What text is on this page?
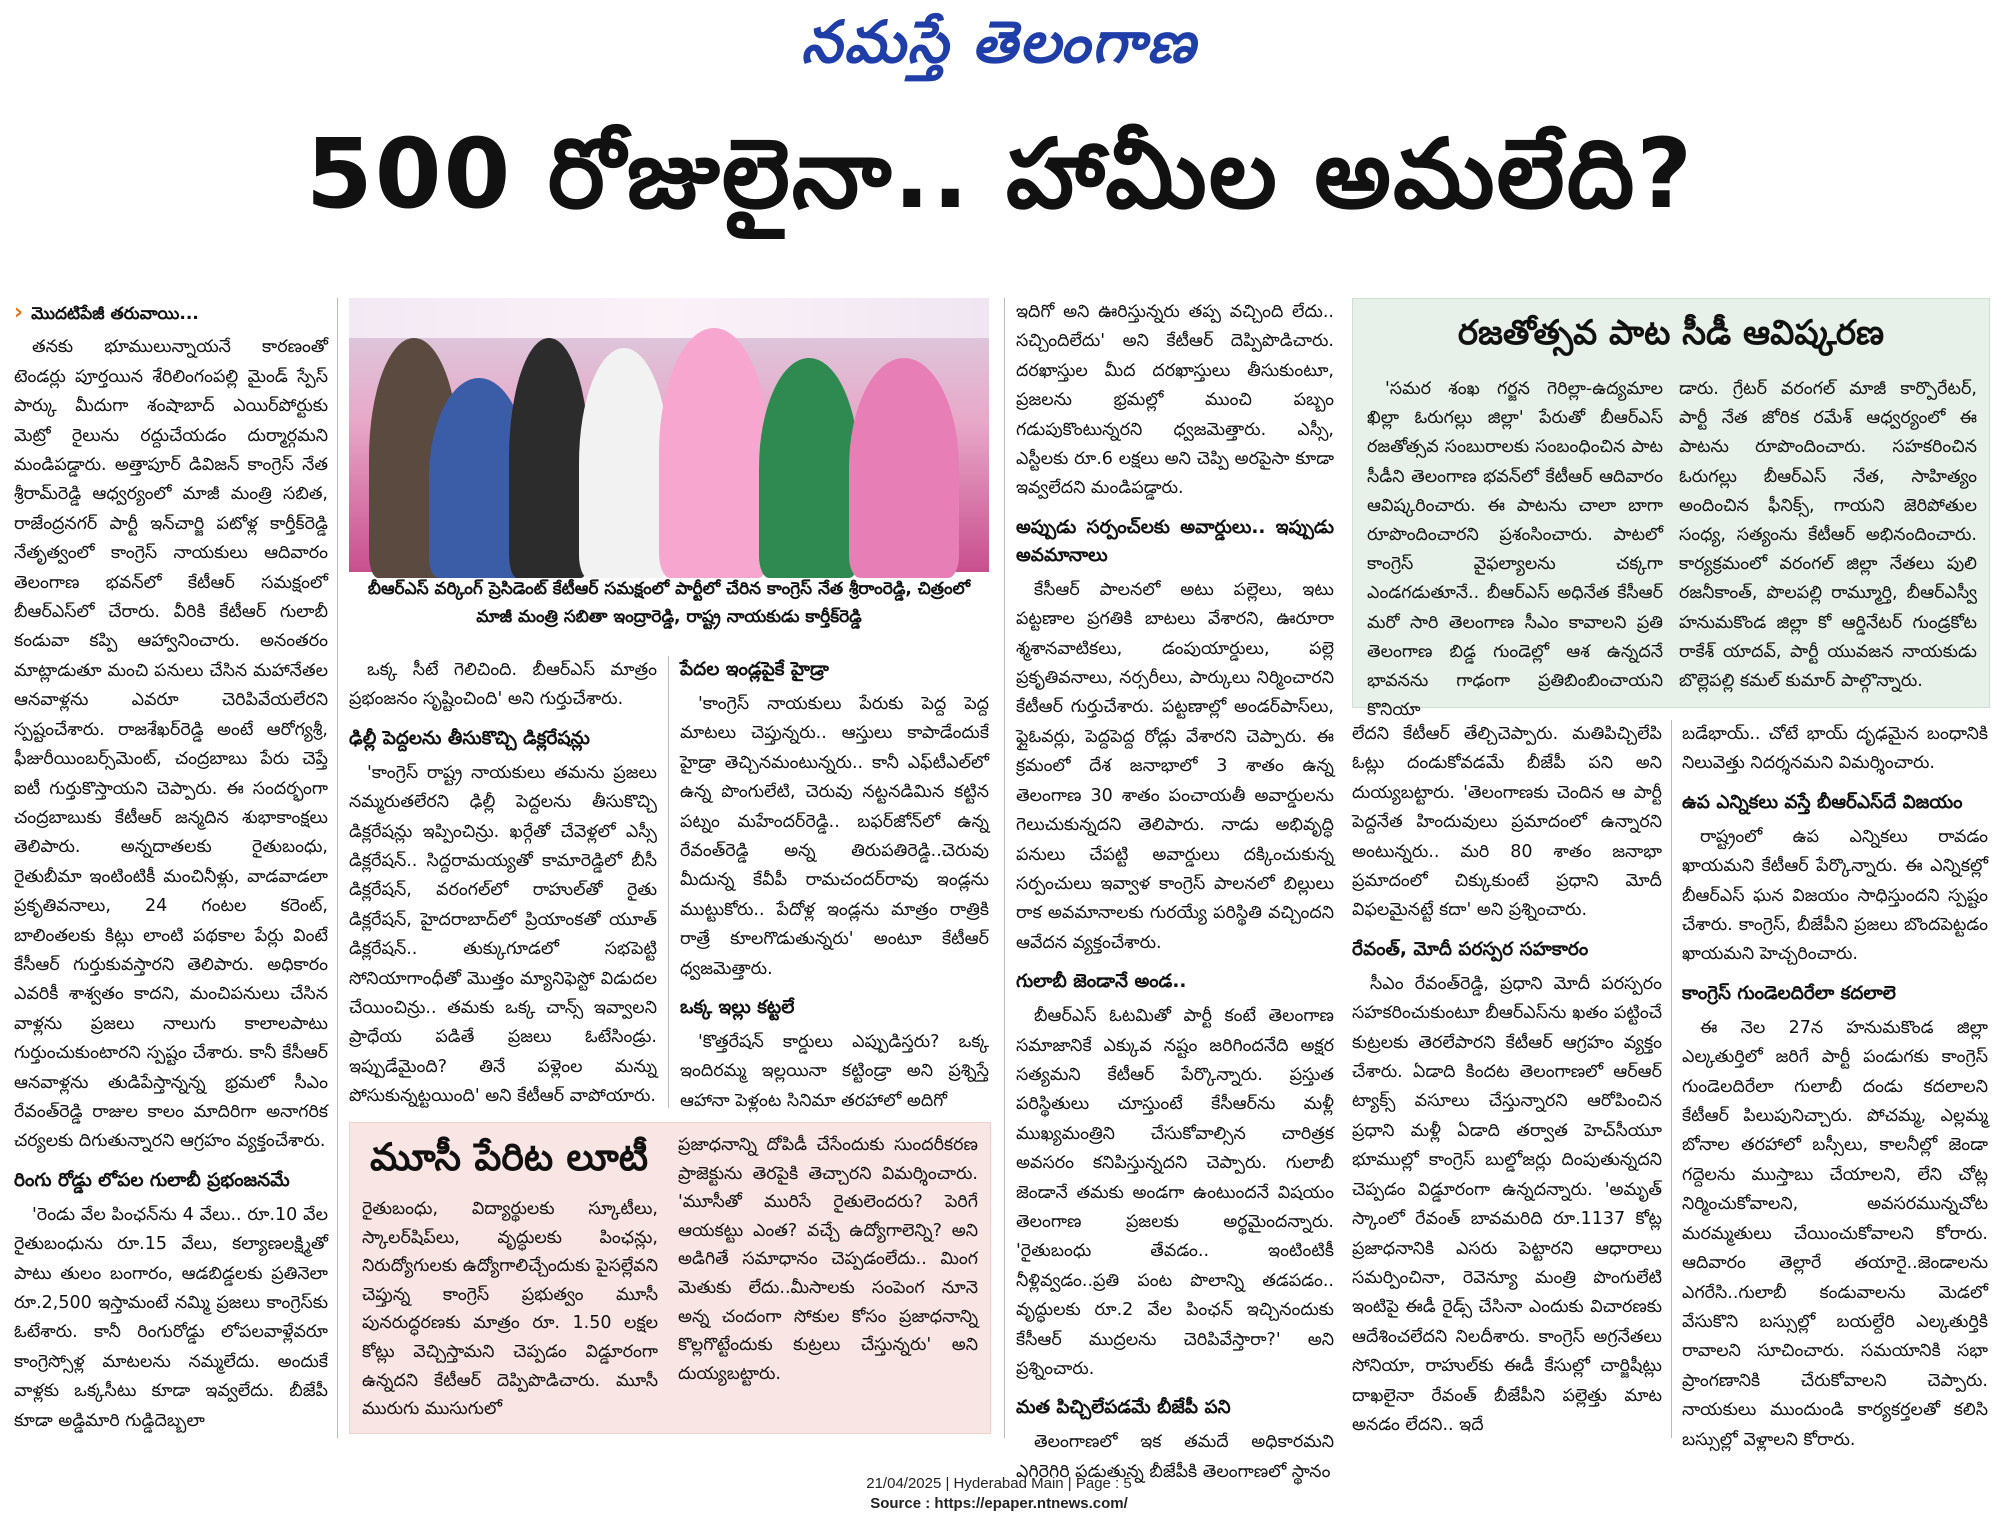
నమస్తే తెలంగాణ
500 రోజులైనా.. హామీల అమలేది?
› మొదటిపేజీ తరువాయి...

తనకు భూములున్నాయనే కారణంతో టెండర్లు పూర్తయిన శేరిలింగంపల్లి మైండ్ స్పేస్ పార్కు మీదుగా శంషాబాద్ ఎయిర్‌పోర్టుకు మెట్రో రైలును రద్దుచేయడం దుర్మార్గమని మండిపడ్డారు. అత్తాపూర్ డివిజన్ కాంగ్రెస్ నేత శ్రీరామ్‌రెడ్డి ఆధ్వర్యంలో మాజీ మంత్రి సబిత, రాజేంద్రనగర్ పార్టీ ఇన్‌చార్జి పటోళ్ల కార్తీక్‌రెడ్డి నేతృత్వంలో కాంగ్రెస్ నాయకులు ఆదివారం తెలంగాణ భవన్‌లో కేటీఆర్ సమక్షంలో బీఆర్‌ఎస్‌లో చేరారు. వీరికి కేటీఆర్ గులాబీ కండువా కప్పి ఆహ్వానించారు. అనంతరం మాట్లాడుతూ మంచి పనులు చేసిన మహానేతల ఆనవాళ్లను ఎవరూ చెరిపివేయలేరని స్పష్టంచేశారు. రాజశేఖర్‌రెడ్డి అంటే ఆరోగ్యశ్రీ, ఫీజురీయింబర్స్‌మెంట్, చంద్రబాబు పేరు చెప్తే ఐటీ గుర్తుకొస్తాయని చెప్పారు. ఈ సందర్భంగా చంద్రబాబుకు కేటీఆర్ జన్మదిన శుభాకాంక్షలు తెలిపారు. అన్నదాతలకు రైతుబంధు, రైతుబీమా ఇంటింటికీ మంచినీళ్లు, వాడవాడలా ప్రకృతివనాలు, 24 గంటల కరెంట్, బాలింతలకు కిట్లు లాంటి పథకాల పేర్లు వింటే కేసీఆర్ గుర్తుకువస్తారని తెలిపారు. అధికారం ఎవరికీ శాశ్వతం కాదని, మంచిపనులు చేసిన వాళ్లను ప్రజలు నాలుగు కాలాలపాటు గుర్తుంచుకుంటారని స్పష్టం చేశారు. కానీ కేసీఆర్ ఆనవాళ్లను తుడిపేస్తాన్నన్న భ్రమలో సీఎం రేవంత్‌రెడ్డి రాజుల కాలం మాదిరిగా అనాగరిక చర్యలకు దిగుతున్నారని ఆగ్రహం వ్యక్తంచేశారు.

రింగు రోడ్డు లోపల గులాబీ ప్రభంజనమే

'రెండు వేల పింఛన్‌ను 4 వేలు.. రూ.10 వేల రైతుబంధును రూ.15 వేలు, కల్యాణలక్ష్మితో పాటు తులం బంగారం, ఆడబిడ్డలకు ప్రతినెలా రూ.2,500 ఇస్తామంటే నమ్మి ప్రజలు కాంగ్రెస్‌కు ఓటేశారు. కానీ రింగురోడ్డు లోపలవాళ్లేవరూ కాంగ్రెస్సోళ్ల మాటలను నమ్మలేదు. అందుకే వాళ్లకు ఒక్కసీటు కూడా ఇవ్వలేదు. బీజేపీ కూడా అడ్డిమారి గుడ్డిదెబ్బలా

బీఆర్‌ఎస్ వర్కింగ్ ప్రెసిడెంట్ కేటీఆర్ సమక్షంలో పార్టీలో చేరిన కాంగ్రెస్ నేత శ్రీరాంరెడ్డి, చిత్రంలో మాజీ మంత్రి సబితా ఇంద్రారెడ్డి, రాష్ట్ర నాయకుడు కార్తీక్‌రెడ్డి

ఒక్క సీటే గెలిచింది. బీఆర్‌ఎస్ మాత్రం ప్రభంజనం సృష్టించింది' అని గుర్తుచేశారు.

ఢిల్లీ పెద్దలను తీసుకొచ్చి డిక్లరేషన్లు

'కాంగ్రెస్ రాష్ట్ర నాయకులు తమను ప్రజలు నమ్మరుతలేరని ఢిల్లీ పెద్దలను తీసుకొచ్చి డిక్లరేషన్లు ఇప్పించిన్రు. ఖర్గేతో చేవెళ్లలో ఎస్సీ డిక్లరేషన్.. సిద్దరామయ్యతో కామారెడ్డిలో బీసీ డిక్లరేషన్, వరంగల్‌లో రాహుల్‌తో రైతు డిక్లరేషన్, హైదరాబాద్‌లో ప్రియాంకతో యూత్ డిక్లరేషన్.. తుక్కుగూడలో సభపెట్టి సోనియాగాంధీతో మొత్తం మ్యానిఫెస్టో విడుదల చేయించిన్రు.. తమకు ఒక్క చాన్స్ ఇవ్వాలని ప్రాధేయ పడితే ప్రజలు ఓటేసిండ్రు. ఇప్పుడేమైంది? తినే పళ్లెంల మన్ను పోసుకున్నట్టయింది' అని కేటీఆర్ వాపోయారు.

పేదల ఇండ్లపైకే హైడ్రా

'కాంగ్రెస్ నాయకులు పేరుకు పెద్ద పెద్ద మాటలు చెప్తున్నరు.. ఆస్తులు కాపాడేందుకే హైడ్రా తెచ్చినమంటున్నరు.. కానీ ఎఫ్‌టీఎల్‌లో ఉన్న పొంగులేటి, చెరువు నట్టనడిమిన కట్టిన పట్నం మహేందర్‌రెడ్డి.. బఫర్‌జోన్‌లో ఉన్న రేవంత్‌రెడ్డి అన్న తిరుపతిరెడ్డి..చెరువు మీదున్న కేవీపీ రామచందర్‌రావు ఇండ్లను ముట్టుకోరు.. పేదోళ్ల ఇండ్లను మాత్రం రాత్రికి రాత్రే కూలగొడుతున్నరు' అంటూ కేటీఆర్ ధ్వజమెత్తారు.

ఒక్క ఇల్లు కట్టలే

'కొత్తరేషన్ కార్డులు ఎప్పుడిస్తరు? ఒక్క ఇందిరమ్మ ఇల్లయినా కట్టిండ్రా అని ప్రశ్నిస్తే ఆహానా పెళ్లంట సినిమా తరహాలో అదిగో

మూసీ పేరిట లూటీ

రైతుబంధు, విద్యార్థులకు స్కూటీలు, స్కాలర్‌షిప్‌లు, వృద్ధులకు పింఛన్లు, నిరుద్యోగులకు ఉద్యోగాలిచ్చేందుకు పైసల్లేవని చెప్తున్న కాంగ్రెస్ ప్రభుత్వం మూసీ పునరుద్ధరణకు మాత్రం రూ. 1.50 లక్షల కోట్లు వెచ్చిస్తామని చెప్పడం విడ్డూరంగా ఉన్నదని కేటీఆర్ దెప్పిపొడిచారు. మూసీ మురుగు ముసుగులో

ప్రజాధనాన్ని దోపిడీ చేసేందుకు సుందరీకరణ ప్రాజెక్టును తెరపైకి తెచ్చారని విమర్శించారు. 'మూసీతో మురిసే రైతులెందరు? పెరిగే ఆయకట్టు ఎంత? వచ్చే ఉద్యోగాలెన్ని? అని అడిగితే సమాధానం చెప్పడంలేదు.. మింగ మెతుకు లేదు..మీసాలకు సంపెంగ నూనె అన్న చందంగా సోకుల కోసం ప్రజాధనాన్ని కొల్లగొట్టేందుకు కుట్రలు చేస్తున్నరు' అని దుయ్యబట్టారు.

ఇదిగో అని ఊరిస్తున్నరు తప్ప వచ్చింది లేదు.. సచ్చిందిలేదు' అని కేటీఆర్ దెప్పిపొడిచారు. దరఖాస్తుల మీద దరఖాస్తులు తీసుకుంటూ, ప్రజలను భ్రమల్లో ముంచి పబ్బం గడుపుకొంటున్నరని ధ్వజమెత్తారు. ఎస్సీ, ఎస్టీలకు రూ.6 లక్షలు అని చెప్పి అరపైసా కూడా ఇవ్వలేదని మండిపడ్డారు.

అప్పుడు సర్పంచ్‌లకు అవార్డులు.. ఇప్పుడు అవమానాలు

కేసీఆర్ పాలనలో అటు పల్లెలు, ఇటు పట్టణాల ప్రగతికి బాటలు వేశారని, ఊరూరా శ్మశానవాటికలు, డంపుయార్డులు, పల్లె ప్రకృతివనాలు, నర్సరీలు, పార్కులు నిర్మించారని కేటీఆర్ గుర్తుచేశారు. పట్టణాల్లో అండర్‌పాస్‌లు, ఫ్లైఓవర్లు, పెద్దపెద్ద రోడ్లు వేశారని చెప్పారు. ఈ క్రమంలో దేశ జనాభాలో 3 శాతం ఉన్న తెలంగాణ 30 శాతం పంచాయతీ అవార్డులను గెలుచుకున్నదని తెలిపారు. నాడు అభివృద్ధి పనులు చేపట్టి అవార్డులు దక్కించుకున్న సర్పంచులు ఇవ్వాళ కాంగ్రెస్ పాలనలో బిల్లులు రాక అవమానాలకు గురయ్యే పరిస్థితి వచ్చిందని ఆవేదన వ్యక్తంచేశారు.

గులాబీ జెండానే అండ..

బీఆర్‌ఎస్ ఓటమితో పార్టీ కంటే తెలంగాణ సమాజానికే ఎక్కువ నష్టం జరిగిందనేది అక్షర సత్యమని కేటీఆర్ పేర్కొన్నారు. ప్రస్తుత పరిస్థితులు చూస్తుంటే కేసీఆర్‌ను మళ్లీ ముఖ్యమంత్రిని చేసుకోవాల్సిన చారిత్రక అవసరం కనిపిస్తున్నదని చెప్పారు. గులాబీ జెండానే తమకు అండగా ఉంటుందనే విషయం తెలంగాణ ప్రజలకు అర్థమైందన్నారు. 'రైతుబంధు తేవడం.. ఇంటింటికీ నీళ్లివ్వడం..ప్రతి పంట పొలాన్ని తడపడం.. వృద్ధులకు రూ.2 వేల పింఛన్ ఇచ్చినందుకు కేసీఆర్ ముద్రలను చెరిపివేస్తారా?' అని ప్రశ్నించారు.

మత పిచ్చిలేపడమే బీజేపీ పని

తెలంగాణలో ఇక తమదే అధికారమని ఎగిరెగిరి పడుతున్న బీజేపీకి తెలంగాణలో స్థానం

రజతోత్సవ పాట సీడీ ఆవిష్కరణ

'సమర శంఖ గర్జన గెరిల్లా-ఉద్యమాల ఖిల్లా ఓరుగల్లు జిల్లా' పేరుతో బీఆర్‌ఎస్ రజతోత్సవ సంబురాలకు సంబంధించిన పాట సీడీని తెలంగాణ భవన్‌లో కేటీఆర్ ఆదివారం ఆవిష్కరించారు. ఈ పాటను చాలా బాగా రూపొందించారని ప్రశంసించారు. పాటలో కాంగ్రెస్ వైఫల్యాలను చక్కగా ఎండగడుతూనే.. బీఆర్‌ఎస్ అధినేత కేసీఆర్ మరో సారి తెలంగాణ సీఎం కావాలని ప్రతి తెలంగాణ బిడ్డ గుండెల్లో ఆశ ఉన్నదనే భావనను గాఢంగా ప్రతిబింబించాయని కొనియా

డారు. గ్రేటర్ వరంగల్ మాజీ కార్పొరేటర్, పార్టీ నేత జోరిక రమేశ్ ఆధ్వర్యంలో ఈ పాటను రూపొందించారు. సహకరించిన ఓరుగల్లు బీఆర్‌ఎస్ నేత, సాహిత్యం అందించిన ఫీనిక్స్, గాయని జెరిపోతుల సంధ్య, సత్యంను కేటీఆర్ అభినందించారు. కార్యక్రమంలో వరంగల్ జిల్లా నేతలు పులి రజనీకాంత్, పొలపల్లి రామ్మూర్తి, బీఆర్‌ఎస్వీ హనుమకొండ జిల్లా కో ఆర్డినేటర్ గుండ్రకోట రాకేశ్ యాదవ్, పార్టీ యువజన నాయకుడు బొల్లెపల్లి కమల్ కుమార్ పాల్గొన్నారు.

లేదని కేటీఆర్ తేల్చిచెప్పారు. మతిపిచ్చిలేపి ఓట్లు దండుకోవడమే బీజేపీ పని అని దుయ్యబట్టారు. 'తెలంగాణకు చెందిన ఆ పార్టీ పెద్దనేత హిందువులు ప్రమాదంలో ఉన్నారని అంటున్నరు.. మరి 80 శాతం జనాభా ప్రమాదంలో చిక్కుకుంటే ప్రధాని మోదీ విఫలమైనట్టే కదా' అని ప్రశ్నించారు.

రేవంత్, మోదీ పరస్పర సహకారం

సీఎం రేవంత్‌రెడ్డి, ప్రధాని మోదీ పరస్పరం సహకరించుకుంటూ బీఆర్‌ఎస్‌ను ఖతం పట్టించే కుట్రలకు తెరలేపారని కేటీఆర్ ఆగ్రహం వ్యక్తం చేశారు. ఏడాది కిందట తెలంగాణలో ఆర్‌ఆర్ ట్యాక్స్ వసూలు చేస్తున్నారని ఆరోపించిన ప్రధాని మళ్లీ ఏడాది తర్వాత హెచ్‌సీయూ భూముల్లో కాంగ్రెస్ బుల్డోజర్లు దింపుతున్నదని చెప్పడం విడ్డూరంగా ఉన్నదన్నారు. 'అమృత్ స్కాంలో రేవంత్ బావమరిది రూ.1137 కోట్ల ప్రజాధనానికి ఎసరు పెట్టారని ఆధారాలు సమర్పించినా, రెవెన్యూ మంత్రి పొంగులేటి ఇంటిపై ఈడీ రైడ్స్ చేసినా ఎందుకు విచారణకు ఆదేశించలేదని నిలదీశారు. కాంగ్రెస్ అగ్రనేతలు సోనియా, రాహుల్‌కు ఈడీ కేసుల్లో చార్జిషీట్లు దాఖలైనా రేవంత్ బీజేపీని పల్లెత్తు మాట అనడం లేదని.. ఇదే

బడేభాయ్.. చోటే భాయ్ దృఢమైన బంధానికి నిలువెత్తు నిదర్శనమని విమర్శించారు.

ఉప ఎన్నికలు వస్తే బీఆర్‌ఎస్‌దే విజయం

రాష్ట్రంలో ఉప ఎన్నికలు రావడం ఖాయమని కేటీఆర్ పేర్కొన్నారు. ఈ ఎన్నికల్లో బీఆర్‌ఎస్ ఘన విజయం సాధిస్తుందని స్పష్టం చేశారు. కాంగ్రెస్, బీజేపీని ప్రజలు బొందపెట్టడం ఖాయమని హెచ్చరించారు.

కాంగ్రెస్ గుండెలదిరేలా కదలాలె

ఈ నెల 27న హనుమకొండ జిల్లా ఎల్కతుర్తిలో జరిగే పార్టీ పండుగకు కాంగ్రెస్ గుండెలదిరేలా గులాబీ దండు కదలాలని కేటీఆర్ పిలుపునిచ్చారు. పోచమ్మ, ఎల్లమ్మ బోనాల తరహాలో బస్సీలు, కాలనీల్లో జెండా గద్దెలను ముస్తాబు చేయాలని, లేని చోట్ల నిర్మించుకోవాలని, అవసరమున్నచోట మరమ్మతులు చేయించుకోవాలని కోరారు. ఆదివారం తెల్లారే తయారై..జెండాలను ఎగరేసి..గులాబీ కండువాలను మెడలో వేసుకొని బస్సుల్లో బయల్దేరి ఎల్కతుర్తికి రావాలని సూచించారు. సమయానికి సభా ప్రాంగణానికి చేరుకోవాలని చెప్పారు. నాయకులు ముందుండి కార్యకర్తలతో కలిసి బస్సుల్లో వెళ్లాలని కోరారు.

21/04/2025 | Hyderabad Main | Page : 5
Source : https://epaper.ntnews.com/
